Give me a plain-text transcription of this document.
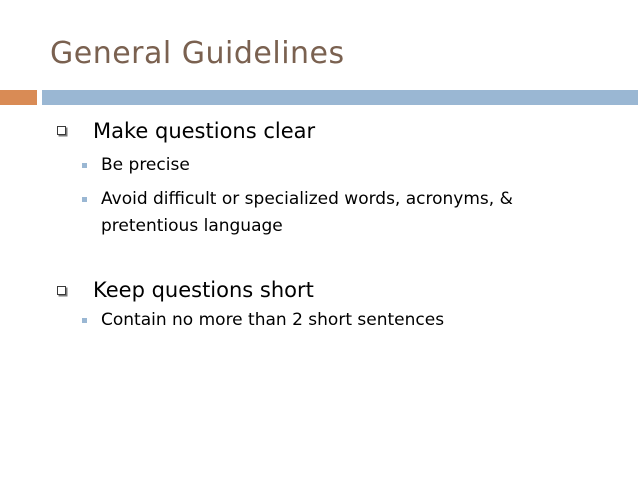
General Guidelines
Make questions clear
Be precise
Avoid difficult or specialized words, acronyms, &
pretentious language
Keep questions short
Contain no more than 2 short sentences
